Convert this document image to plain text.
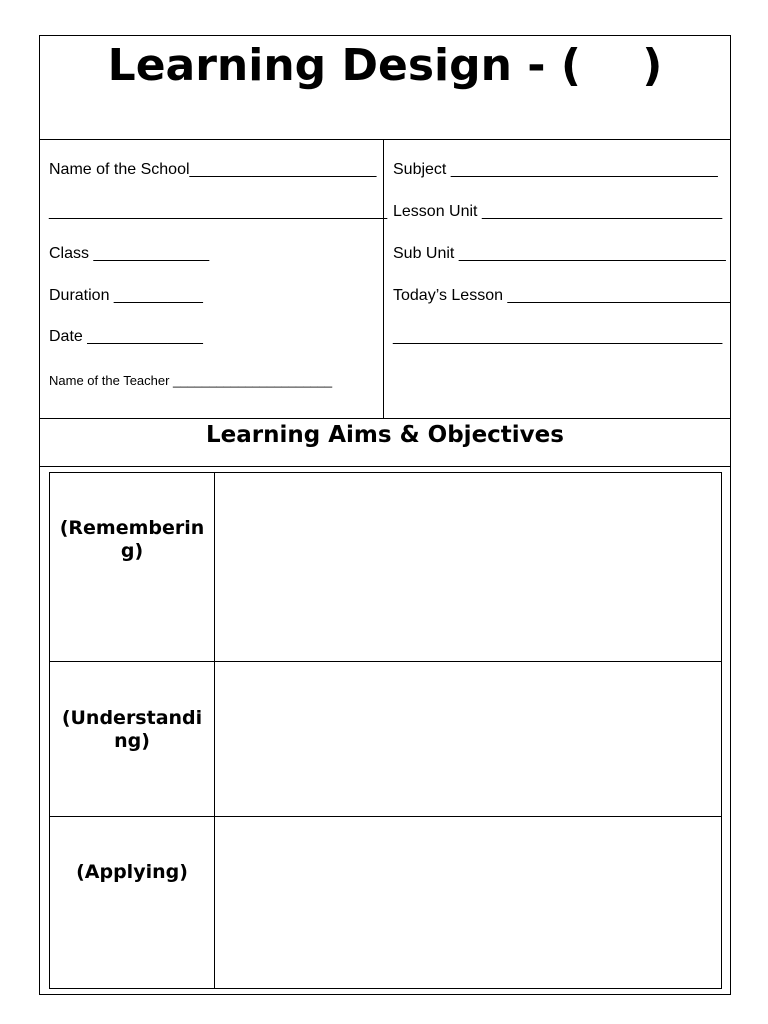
Learning Design - (    )
Name of the School_____________________
______________________________________
Class _____________
Duration __________
Date _____________
Name of the Teacher ______________________
Subject ______________________________
Lesson Unit ___________________________
Sub Unit ______________________________
Today’s Lesson _________________________
_____________________________________
Learning Aims & Objectives
(Remembering)
(Understanding)
(Applying)
